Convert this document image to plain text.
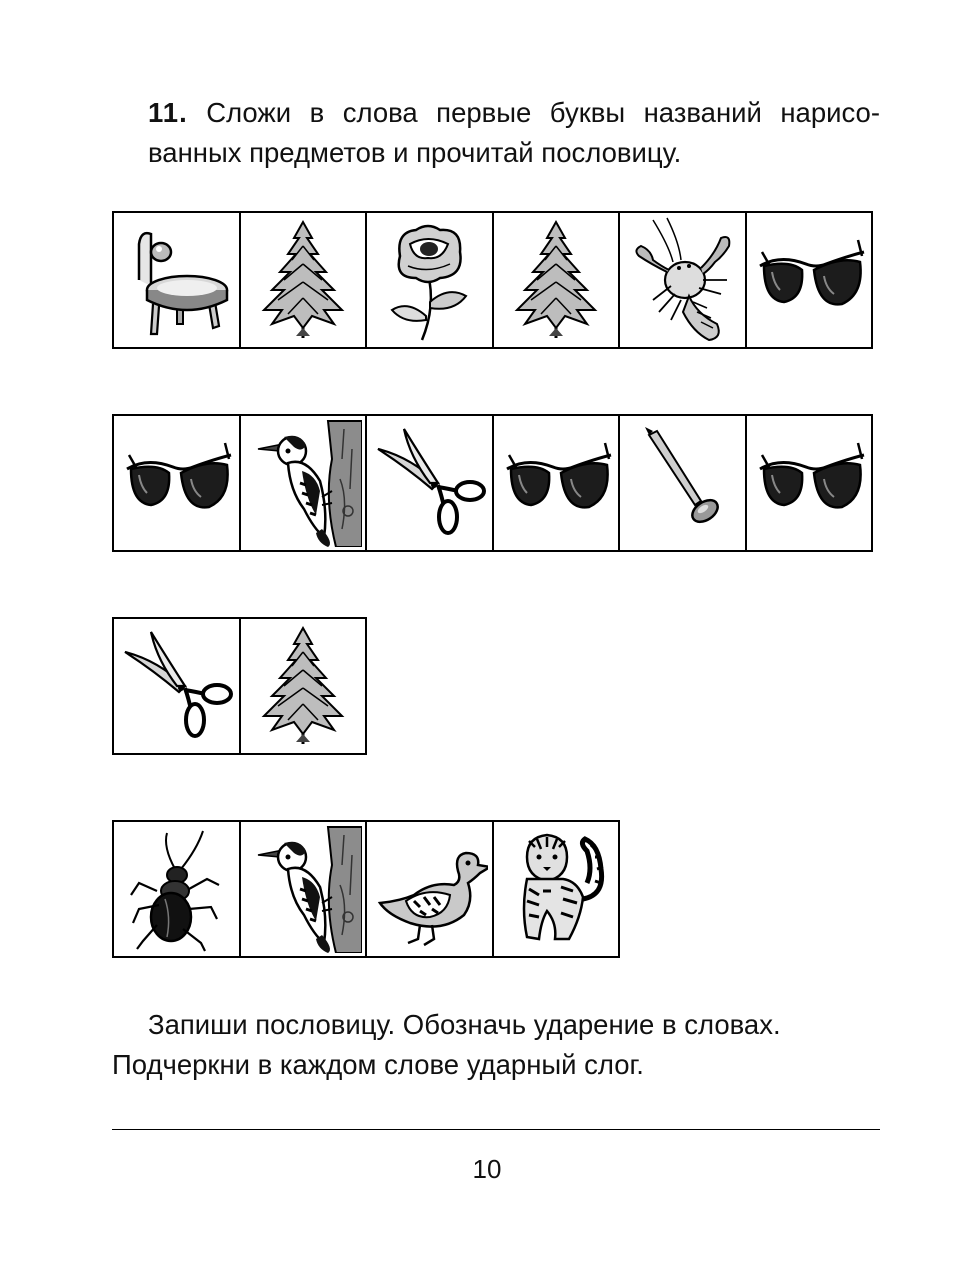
11. Сложи в слова первые буквы названий нарисованных предметов и прочитай пословицу.

Запиши пословицу. Обозначь ударение в словах.

Подчеркни в каждом слове ударный слог.

10
